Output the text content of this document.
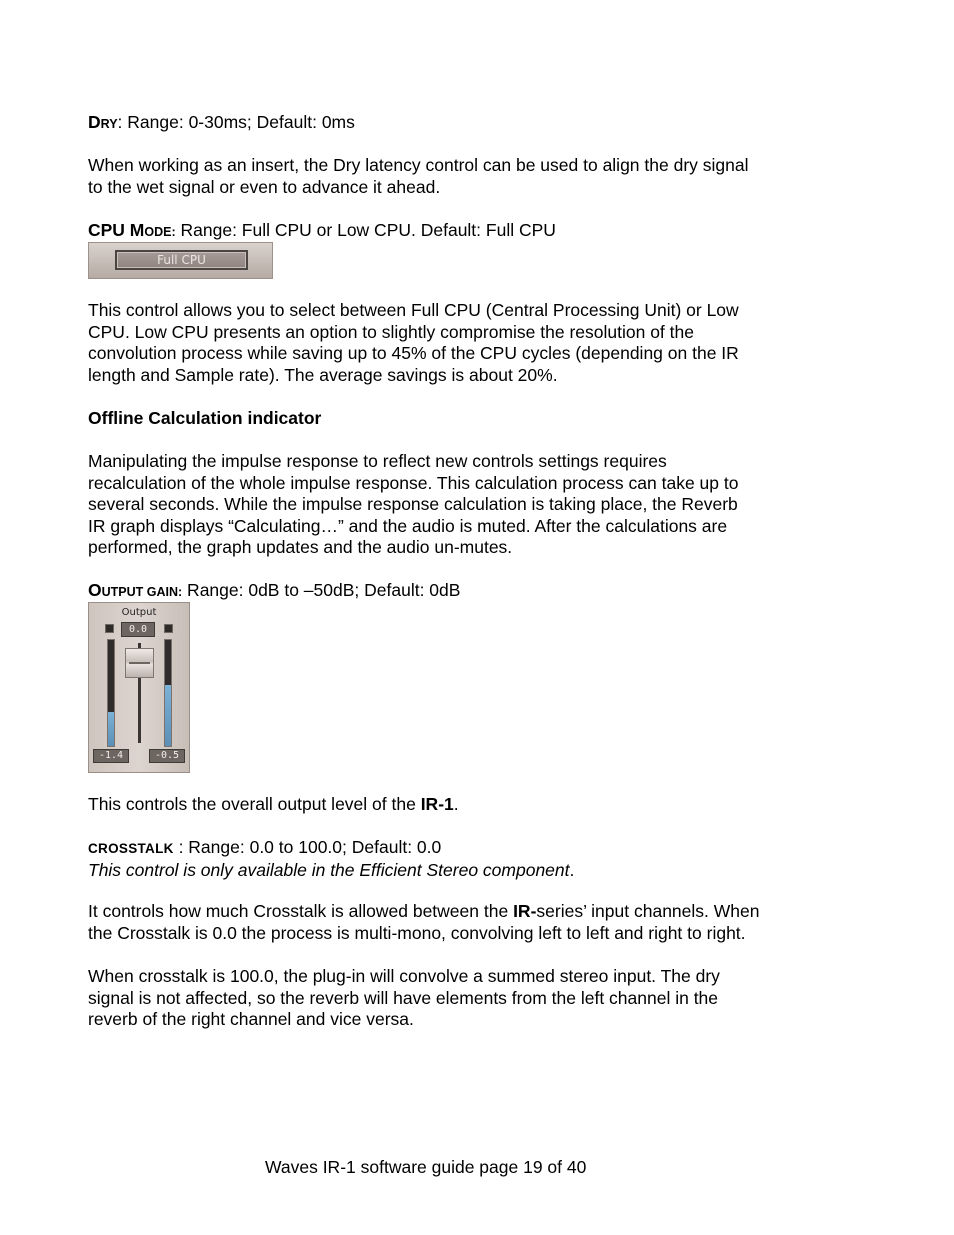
DRY: Range: 0-30ms; Default: 0ms

When working as an insert, the Dry latency control can be used to align the dry signal

to the wet signal or even to advance it ahead.

CPU MODE: Range: Full CPU or Low CPU. Default: Full CPU

Full CPU

This control allows you to select between Full CPU (Central Processing Unit) or Low

CPU. Low CPU presents an option to slightly compromise the resolution of the

convolution process while saving up to 45% of the CPU cycles (depending on the IR

length and Sample rate). The average savings is about 20%.

Offline Calculation indicator

Manipulating the impulse response to reflect new controls settings requires

recalculation of the whole impulse response. This calculation process can take up to

several seconds. While the impulse response calculation is taking place, the Reverb

IR graph displays “Calculating…” and the audio is muted. After the calculations are

performed, the graph updates and the audio un-mutes.

OUTPUT GAIN: Range: 0dB to –50dB; Default: 0dB

Output
0.0
-1.4	-0.5

This controls the overall output level of the IR-1.

CROSSTALK : Range: 0.0 to 100.0; Default: 0.0

This control is only available in the Efficient Stereo component.

It controls how much Crosstalk is allowed between the IR-series’ input channels. When

the Crosstalk is 0.0 the process is multi-mono, convolving left to left and right to right.

When crosstalk is 100.0, the plug-in will convolve a summed stereo input. The dry

signal is not affected, so the reverb will have elements from the left channel in the

reverb of the right channel and vice versa.

Waves IR-1 software guide page 19 of 40
